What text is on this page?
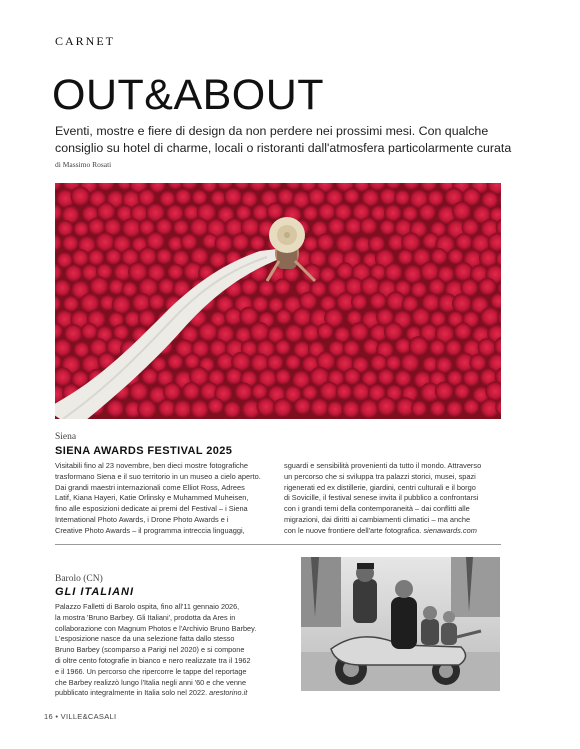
CARNET
OUT&ABOUT
Eventi, mostre e fiere di design da non perdere nei prossimi mesi. Con qualche consiglio su hotel di charme, locali o ristoranti dall'atmosfera particolarmente curata
di Massimo Rosati
Siena
SIENA AWARDS FESTIVAL 2025
Visitabili fino al 23 novembre, ben dieci mostre fotografiche
trasformano Siena e il suo territorio in un museo a cielo aperto.
Dai grandi maestri internazionali come Elliot Ross, Adrees
Latif, Kiana Hayeri, Katie Orlinsky e Muhammed Muheisen,
fino alle esposizioni dedicate ai premi del Festival – i Siena
International Photo Awards, i Drone Photo Awards e i
Creative Photo Awards – il programma intreccia linguaggi,
sguardi e sensibilità provenienti da tutto il mondo. Attraverso
un percorso che si sviluppa tra palazzi storici, musei, spazi
rigenerati ed ex distillerie, giardini, centri culturali e il borgo
di Sovicille, il festival senese invita il pubblico a confrontarsi
con i grandi temi della contemporaneità – dai conflitti alle
migrazioni, dai diritti ai cambiamenti climatici – ma anche
con le nuove frontiere dell'arte fotografica. sienawards.com
Barolo (CN)
GLI ITALIANI
Palazzo Falletti di Barolo ospita, fino all'11 gennaio 2026,
la mostra 'Bruno Barbey. Gli Italiani', prodotta da Ares in
collaborazione con Magnum Photos e l'Archivio Bruno Barbey.
L'esposizione nasce da una selezione fatta dallo stesso
Bruno Barbey (scomparso a Parigi nel 2020) e si compone
di oltre cento fotografie in bianco e nero realizzate tra il 1962
e il 1966. Un percorso che ripercorre le tappe del reportage
che Barbey realizzò lungo l'Italia negli anni '60 e che venne
pubblicato integralmente in Italia solo nel 2022. arestorino.it
16 • VILLE&CASALI
